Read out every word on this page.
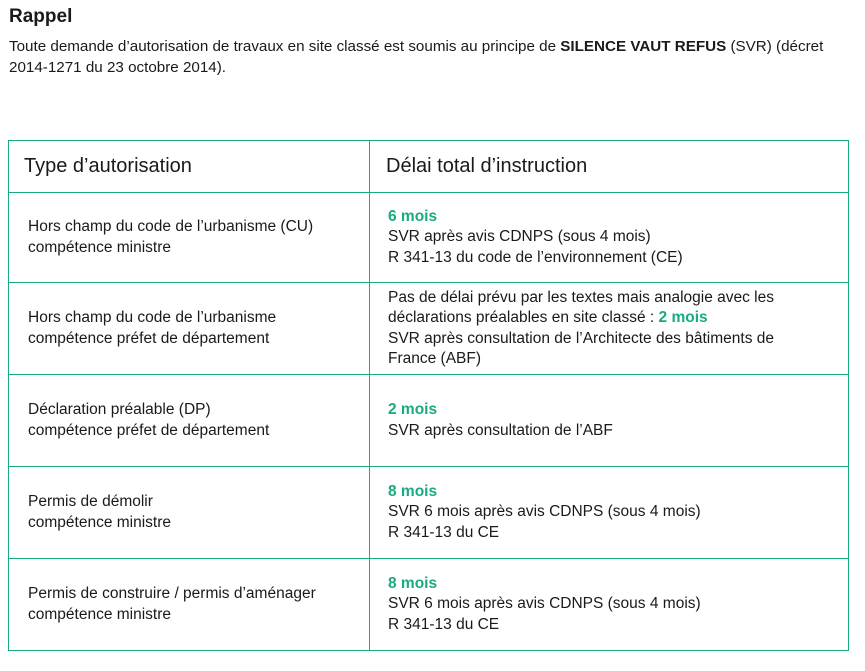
Rappel
Toute demande d’autorisation de travaux en site classé est soumis au principe de SILENCE VAUT REFUS (SVR) (décret 2014-1271 du 23 octobre 2014).
Type d’autorisation	Délai total d’instruction

Hors champ du code de l’urbanisme (CU)
compétence ministre	6 mois
SVR après avis CDNPS (sous 4 mois)
R 341-13 du code de l’environnement (CE)

Hors champ du code de l’urbanisme
compétence préfet de département	Pas de délai prévu par les textes mais analogie avec les déclarations préalables en site classé : 2 mois
SVR après consultation de l’Architecte des bâtiments de France (ABF)

Déclaration préalable (DP)
compétence préfet de département	2 mois
SVR après consultation de l’ABF

Permis de démolir
compétence ministre	8 mois
SVR 6 mois après avis CDNPS (sous 4 mois)
R 341-13 du CE

Permis de construire / permis d’aménager
compétence ministre	8 mois
SVR 6 mois après avis CDNPS (sous 4 mois)
R 341-13 du CE
